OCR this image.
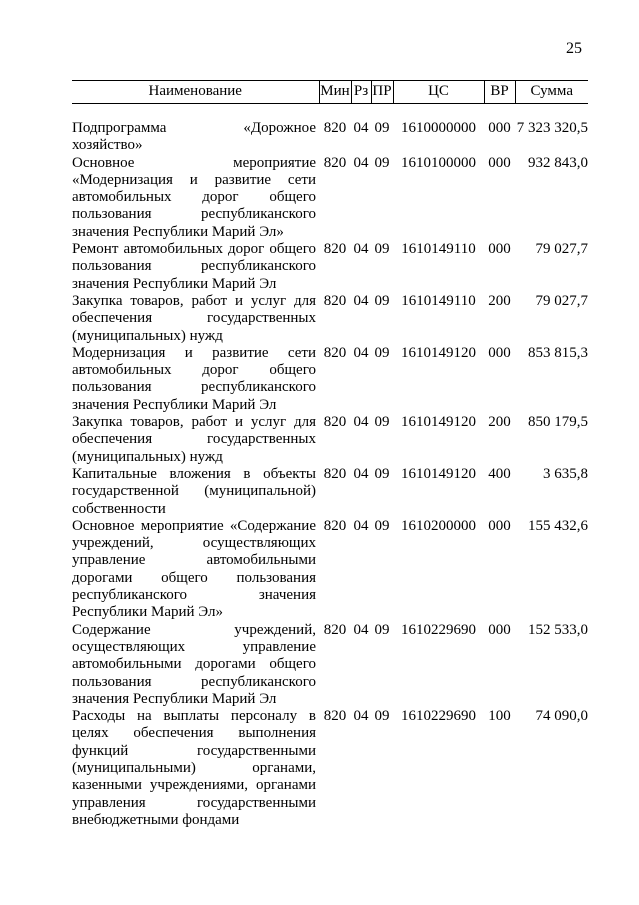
25
Наименование	Мин	Рз	ПР	ЦС	ВР	Сумма

Подпрограмма «Дорожное хозяйство»	820	04	09	1610000000	000	7 323 320,5
Основное мероприятие «Модернизация и развитие сети автомобильных дорог общего пользования республиканского значения Республики Марий Эл»	820	04	09	1610100000	000	932 843,0
Ремонт автомобильных дорог общего пользования республиканского значения Республики Марий Эл	820	04	09	1610149110	000	79 027,7
Закупка товаров, работ и услуг для обеспечения государственных (муниципальных) нужд	820	04	09	1610149110	200	79 027,7
Модернизация и развитие сети автомобильных дорог общего пользования республиканского значения Республики Марий Эл	820	04	09	1610149120	000	853 815,3
Закупка товаров, работ и услуг для обеспечения государственных (муниципальных) нужд	820	04	09	1610149120	200	850 179,5
Капитальные вложения в объекты государственной (муниципальной) собственности	820	04	09	1610149120	400	3 635,8
Основное мероприятие «Содержание учреждений, осуществляющих управление автомобильными дорогами общего пользования республиканского значения Республики Марий Эл»	820	04	09	1610200000	000	155 432,6
Содержание учреждений, осуществляющих управление автомобильными дорогами общего пользования республиканского значения Республики Марий Эл	820	04	09	1610229690	000	152 533,0
Расходы на выплаты персоналу в целях обеспечения выполнения функций государственными (муниципальными) органами, казенными учреждениями, органами управления государственными внебюджетными фондами	820	04	09	1610229690	100	74 090,0
